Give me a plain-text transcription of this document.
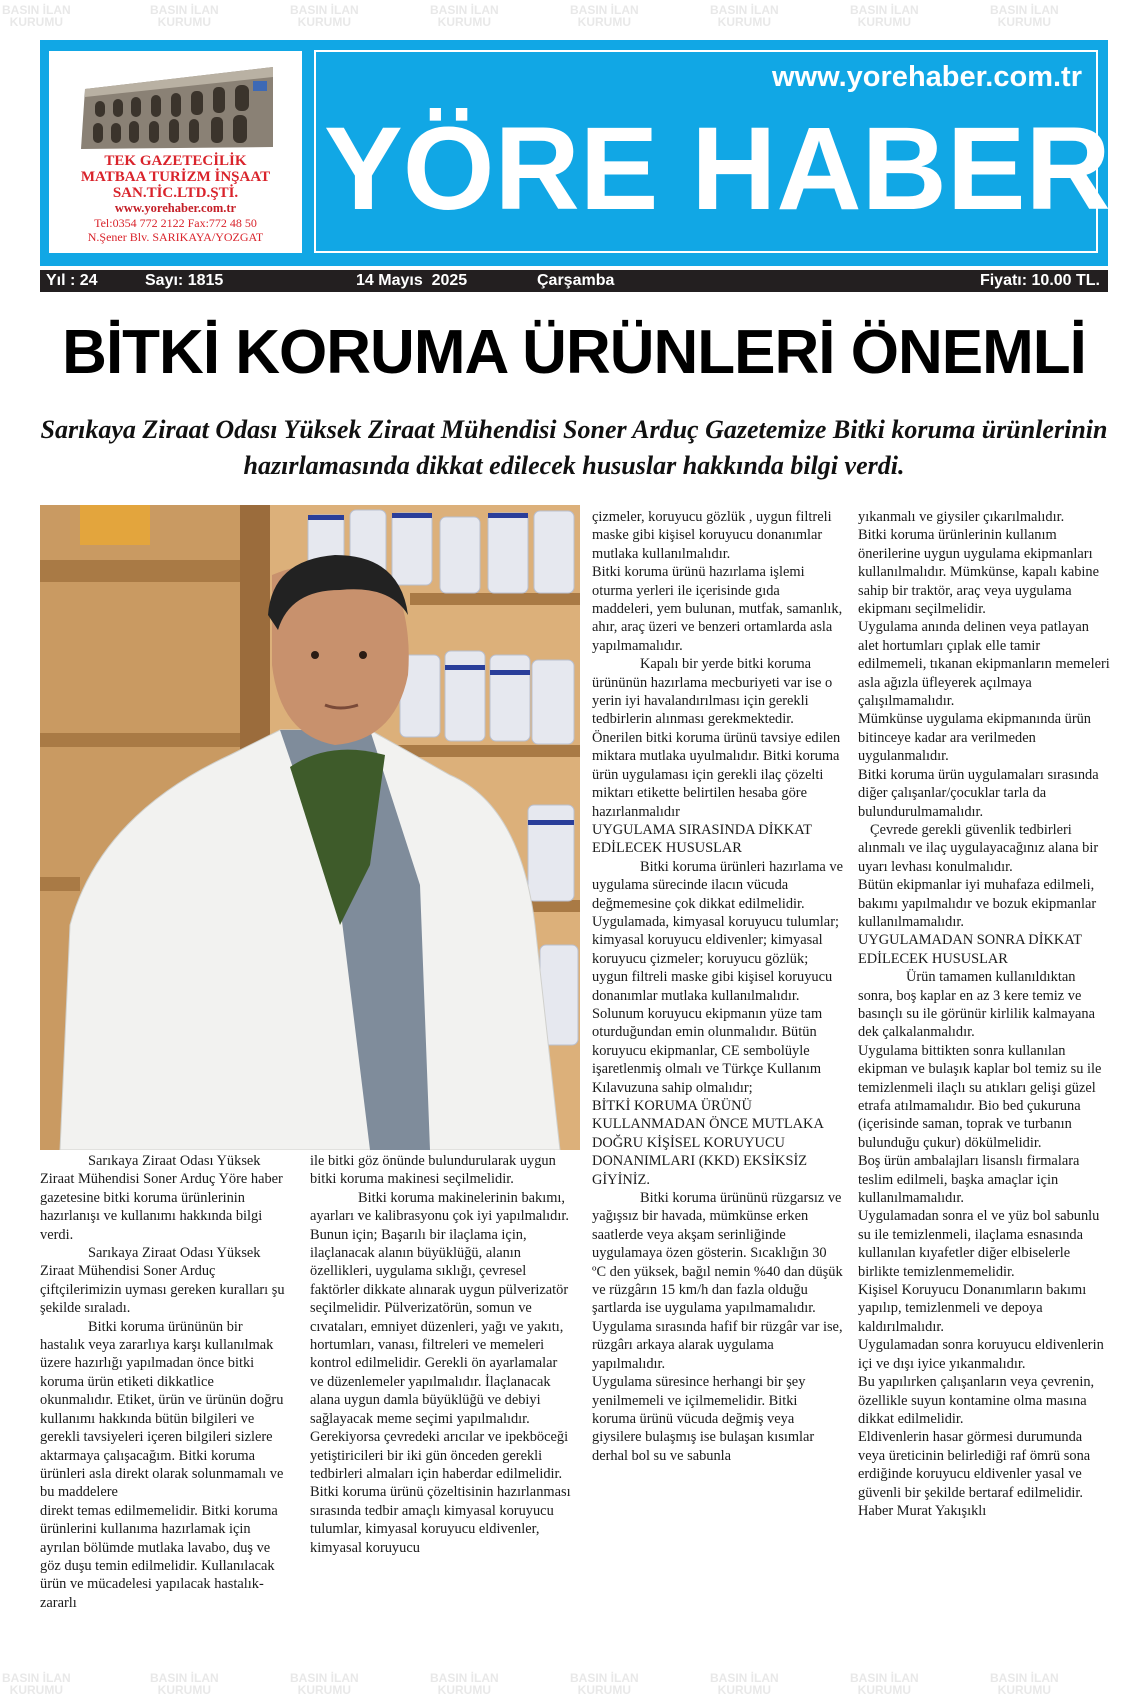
BASIN İLAN
KURUMU
BASIN İLAN
KURUMU
BASIN İLAN
KURUMU
BASIN İLAN
KURUMU
BASIN İLAN
KURUMU
BASIN İLAN
KURUMU
BASIN İLAN
KURUMU
BASIN İLAN
KURUMU
BASIN İLAN
KURUMU
BASIN İLAN
KURUMU
BASIN İLAN
KURUMU
BASIN İLAN
KURUMU
BASIN İLAN
KURUMU
BASIN İLAN
KURUMU
BASIN İLAN
KURUMU
BASIN İLAN
KURUMU
TEK GAZETECİLİK
MATBAA TURİZM İNŞAAT
SAN.TİC.LTD.ŞTİ.
www.yorehaber.com.tr
Tel:0354 772 2122 Fax:772 48 50
N.Şener Blv. SARIKAYA/YOZGAT
www.yorehaber.com.tr
YÖRE HABER
Yıl : 24	Sayı: 1815	14 Mayıs  2025	Çarşamba	Fiyatı: 10.00 TL.
BİTKİ KORUMA ÜRÜNLERİ ÖNEMLİ
Sarıkaya Ziraat Odası Yüksek Ziraat Mühendisi Soner Arduç Gazetemize Bitki koruma ürünlerinin hazırlamasında dikkat edilecek hususlar hakkında bilgi verdi.

Sarıkaya Ziraat Odası Yüksek Ziraat Mühendisi Soner Arduç Yöre haber gazetesine bitki koruma ürünlerinin hazırlanışı ve kullanımı hakkında bilgi verdi.

Sarıkaya Ziraat Odası Yüksek Ziraat Mühendisi Soner Arduç çiftçilerimizin uyması gereken kuralları şu şekilde sıraladı.

Bitki koruma ürününün bir hastalık veya zararlıya karşı kullanılmak üzere hazırlığı yapılmadan önce bitki koruma ürün etiketi dikkatlice okunmalıdır. Etiket, ürün ve ürünün doğru kullanımı hakkında bütün bilgileri ve gerekli tavsiyeleri içeren bilgileri sizlere aktarmaya çalışacağım. Bitki koruma ürünleri asla direkt olarak solunmamalı ve bu maddelere

direkt temas edilmemelidir. Bitki koruma ürünlerini kullanıma hazırlamak için ayrılan bölümde mutlaka lavabo, duş ve göz duşu temin edilmelidir. Kullanılacak ürün ve mücadelesi yapılacak hastalık-zararlı

ile bitki göz önünde bulundurularak uygun bitki koruma makinesi seçilmelidir.

Bitki koruma makinelerinin bakımı, ayarları ve kalibrasyonu çok iyi yapılmalıdır. Bunun için; Başarılı bir ilaçlama için, ilaçlanacak alanın büyüklüğü, alanın özellikleri, uygulama sıklığı, çevresel faktörler dikkate alınarak uygun pülverizatör seçilmelidir. Pülverizatörün, somun ve cıvataları, emniyet düzenleri, yağı ve yakıtı, hortumları, vanası, filtreleri ve memeleri kontrol edilmelidir. Gerekli ön ayarlamalar ve düzenlemeler yapılmalıdır. İlaçlanacak alana uygun damla büyüklüğü ve debiyi sağlayacak meme seçimi yapılmalıdır. Gerekiyorsa çevredeki arıcılar ve ipekböceği yetiştiricileri bir iki gün önceden gerekli tedbirleri almaları için haberdar edilmelidir. Bitki koruma ürünü çözeltisinin hazırlanması sırasında tedbir amaçlı kimyasal koruyucu tulumlar, kimyasal koruyucu eldivenler, kimyasal koruyucu

çizmeler, koruyucu gözlük , uygun filtreli maske gibi kişisel koruyucu donanımlar mutlaka kullanılmalıdır.

Bitki koruma ürünü hazırlama işlemi oturma yerleri ile içerisinde gıda maddeleri, yem bulunan, mutfak, samanlık, ahır, araç üzeri ve benzeri ortamlarda asla yapılmamalıdır.

Kapalı bir yerde bitki koruma ürününün hazırlama mecburiyeti var ise o yerin iyi havalandırılması için gerekli tedbirlerin alınması gerekmektedir. Önerilen bitki koruma ürünü tavsiye edilen miktara mutlaka uyulmalıdır. Bitki koruma ürün uygulaması için gerekli ilaç çözelti miktarı etikette belirtilen hesaba göre hazırlanmalıdır

UYGULAMA SIRASINDA DİKKAT EDİLECEK HUSUSLAR

Bitki koruma ürünleri hazırlama ve uygulama sürecinde ilacın vücuda değmemesine çok dikkat edilmelidir. Uygulamada, kimyasal koruyucu tulumlar; kimyasal koruyucu eldivenler; kimyasal koruyucu çizmeler; koruyucu gözlük; uygun filtreli maske gibi kişisel koruyucu donanımlar mutlaka kullanılmalıdır.

Solunum koruyucu ekipmanın yüze tam oturduğundan emin olunmalıdır. Bütün koruyucu ekipmanlar, CE sembolüyle işaretlenmiş olmalı ve Türkçe Kullanım Kılavuzuna sahip olmalıdır;

BİTKİ KORUMA ÜRÜNÜ KULLANMADAN ÖNCE MUTLAKA DOĞRU KİŞİSEL KORUYUCU DONANIMLARI (KKD) EKSİKSİZ GİYİNİZ.

Bitki koruma ürününü rüzgarsız ve yağışsız bir havada, mümkünse erken saatlerde veya akşam serinliğinde uygulamaya özen gösterin. Sıcaklığın 30 ºC den yüksek, bağıl nemin %40 dan düşük ve rüzgârın 15 km/h dan fazla olduğu şartlarda ise uygulama yapılmamalıdır.

Uygulama sırasında hafif bir rüzgâr var ise, rüzgârı arkaya alarak uygulama yapılmalıdır.

Uygulama süresince herhangi bir şey yenilmemeli ve içilmemelidir. Bitki koruma ürünü vücuda değmiş veya giysilere bulaşmış ise bulaşan kısımlar derhal bol su ve sabunla

yıkanmalı ve giysiler çıkarılmalıdır.

Bitki koruma ürünlerinin kullanım önerilerine uygun uygulama ekipmanları kullanılmalıdır. Mümkünse, kapalı kabine sahip bir traktör, araç veya uygulama ekipmanı seçilmelidir.

Uygulama anında delinen veya patlayan alet hortumları çıplak elle tamir edilmemeli, tıkanan ekipmanların memeleri asla ağızla üfleyerek açılmaya çalışılmamalıdır.

Mümkünse uygulama ekipmanında ürün bitinceye kadar ara verilmeden uygulanmalıdır.

Bitki koruma ürün uygulamaları sırasında diğer çalışanlar/çocuklar tarla da bulundurulmamalıdır.

Çevrede gerekli güvenlik tedbirleri alınmalı ve ilaç uygulayacağınız alana bir uyarı levhası konulmalıdır.

Bütün ekipmanlar iyi muhafaza edilmeli, bakımı yapılmalıdır ve bozuk ekipmanlar kullanılmamalıdır.

UYGULAMADAN SONRA DİKKAT EDİLECEK HUSUSLAR

Ürün tamamen kullanıldıktan sonra, boş kaplar en az 3 kere temiz ve basınçlı su ile görünür kirlilik kalmayana dek çalkalanmalıdır.

Uygulama bittikten sonra kullanılan ekipman ve bulaşık kaplar bol temiz su ile temizlenmeli ilaçlı su atıkları gelişi güzel etrafa atılmamalıdır. Bio bed çukuruna (içerisinde saman, toprak ve turbanın bulunduğu çukur) dökülmelidir.

Boş ürün ambalajları lisanslı firmalara teslim edilmeli, başka amaçlar için kullanılmamalıdır.

Uygulamadan sonra el ve yüz bol sabunlu su ile temizlenmeli, ilaçlama esnasında kullanılan kıyafetler diğer elbiselerle birlikte temizlenmemelidir.

Kişisel Koruyucu Donanımların bakımı yapılıp, temizlenmeli ve depoya kaldırılmalıdır.

Uygulamadan sonra koruyucu eldivenlerin içi ve dışı iyice yıkanmalıdır.

Bu yapılırken çalışanların veya çevrenin, özellikle suyun kontamine olma masına dikkat edilmelidir.

Eldivenlerin hasar görmesi durumunda veya üreticinin belirlediği raf ömrü sona erdiğinde koruyucu eldivenler yasal ve güvenli bir şekilde bertaraf edilmelidir. Haber Murat Yakışıklı
